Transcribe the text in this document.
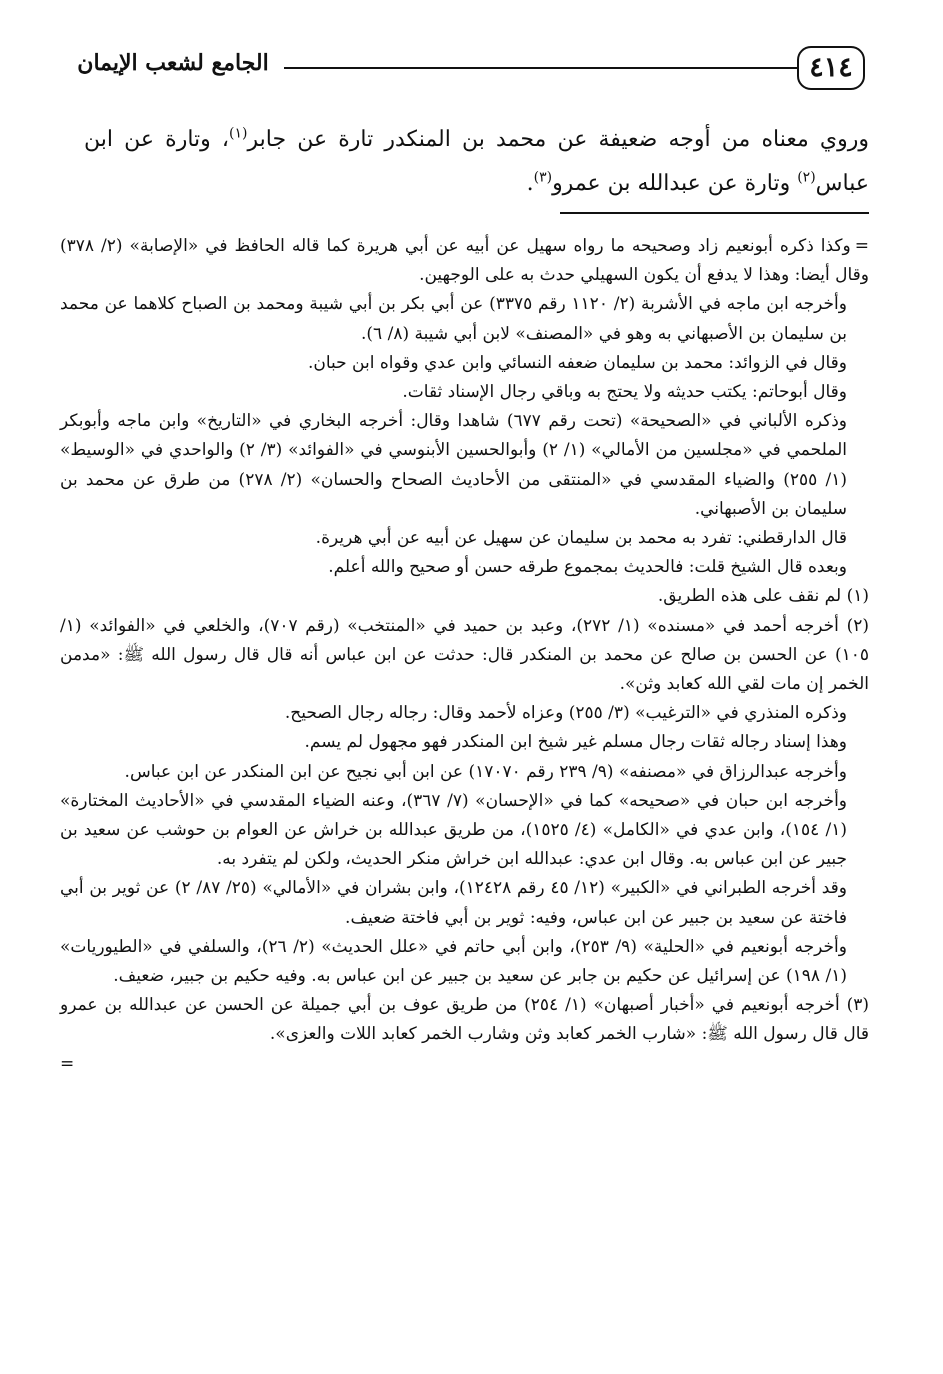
٤١٤
الجامع لشعب الإيمان

وروي معناه من أوجه ضعيفة عن محمد بن المنكدر تارة عن جابر$^{(١)}$، وتارة عن ابن عباس$^{(٢)}$ وتارة عن عبدالله بن عمرو$^{(٣)}$.

=وكذا ذكره أبونعيم زاد وصحيحه ما رواه سهيل عن أبيه عن أبي هريرة كما قاله الحافظ في «الإصابة» (٢/ ٣٧٨) وقال أيضا: وهذا لا يدفع أن يكون السهيلي حدث به على الوجهين.

وأخرجه ابن ماجه في الأشربة (٢/ ١١٢٠ رقم ٣٣٧٥) عن أبي بكر بن أبي شيبة ومحمد بن الصباح كلاهما عن محمد بن سليمان بن الأصبهاني به وهو في «المصنف» لابن أبي شيبة (٨/ ٦).

وقال في الزوائد: محمد بن سليمان ضعفه النسائي وابن عدي وقواه ابن حبان.

وقال أبوحاتم: يكتب حديثه ولا يحتج به وباقي رجال الإسناد ثقات.

وذكره الألباني في «الصحيحة» (تحت رقم ٦٧٧) شاهدا وقال: أخرجه البخاري في «التاريخ» وابن ماجه وأبوبكر الملحمي في «مجلسين من الأمالي» (١/ ٢) وأبوالحسين الأبنوسي في «الفوائد» (٣/ ٢) والواحدي في «الوسيط» (١/ ٢٥٥) والضياء المقدسي في «المنتقى من الأحاديث الصحاح والحسان» (٢/ ٢٧٨) من طرق عن محمد بن سليمان بن الأصبهاني.

قال الدارقطني: تفرد به محمد بن سليمان عن سهيل عن أبيه عن أبي هريرة.

وبعده قال الشيخ قلت: فالحديث بمجموع طرقه حسن أو صحيح والله أعلم.

(١) لم نقف على هذه الطريق.

(٢) أخرجه أحمد في «مسنده» (١/ ٢٧٢)، وعبد بن حميد في «المنتخب» (رقم ٧٠٧)، والخلعي في «الفوائد» (١/ ١٠٥) عن الحسن بن صالح عن محمد بن المنكدر قال: حدثت عن ابن عباس أنه قال قال رسول الله ﷺ: «مدمن الخمر إن مات لقي الله كعابد وثن».

وذكره المنذري في «الترغيب» (٣/ ٢٥٥) وعزاه لأحمد وقال: رجاله رجال الصحيح.

وهذا إسناد رجاله ثقات رجال مسلم غير شيخ ابن المنكدر فهو مجهول لم يسم.

وأخرجه عبدالرزاق في «مصنفه» (٩/ ٢٣٩ رقم ١٧٠٧٠) عن ابن أبي نجيح عن ابن المنكدر عن ابن عباس.

وأخرجه ابن حبان في «صحيحه» كما في «الإحسان» (٧/ ٣٦٧)، وعنه الضياء المقدسي في «الأحاديث المختارة» (١/ ١٥٤)، وابن عدي في «الكامل» (٤/ ١٥٢٥)، من طريق عبدالله بن خراش عن العوام بن حوشب عن سعيد بن جبير عن ابن عباس به. وقال ابن عدي: عبدالله ابن خراش منكر الحديث، ولكن لم يتفرد به.

وقد أخرجه الطبراني في «الكبير» (١٢/ ٤٥ رقم ١٢٤٢٨)، وابن بشران في «الأمالي» (٢٥/ ٨٧/ ٢) عن ثوير بن أبي فاختة عن سعيد بن جبير عن ابن عباس، وفيه: ثوير بن أبي فاختة ضعيف.

وأخرجه أبونعيم في «الحلية» (٩/ ٢٥٣)، وابن أبي حاتم في «علل الحديث» (٢/ ٢٦)، والسلفي في «الطيوريات» (١/ ١٩٨) عن إسرائيل عن حكيم بن جابر عن سعيد بن جبير عن ابن عباس به. وفيه حكيم بن جبير، ضعيف.

(٣) أخرجه أبونعيم في «أخبار أصبهان» (١/ ٢٥٤) من طريق عوف بن أبي جميلة عن الحسن عن عبدالله بن عمرو قال قال رسول الله ﷺ: «شارب الخمر كعابد وثن وشارب الخمر كعابد اللات والعزى».

=
